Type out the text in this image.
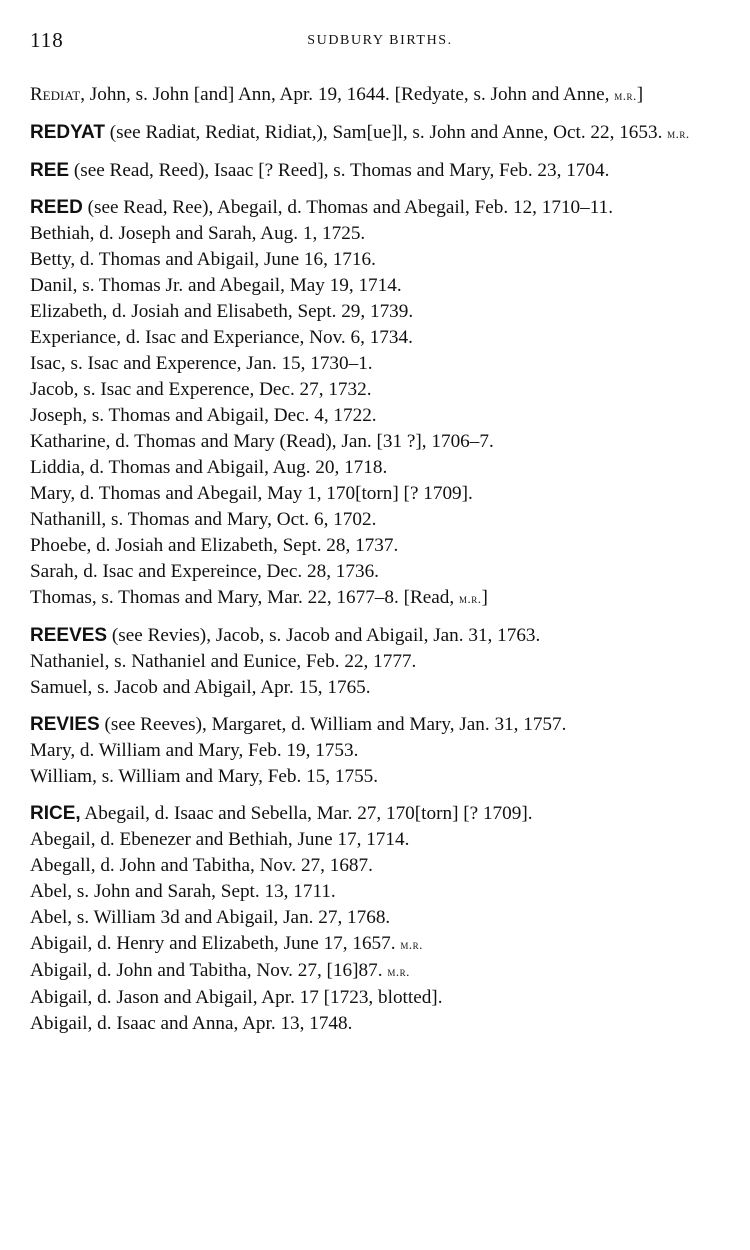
118	SUDBURY BIRTHS.
Rediat, John, s. John [and] Ann, Apr. 19, 1644. [Redyate, s. John and Anne, m.r.]
REDYAT (see Radiat, Rediat, Ridiat,), Sam[ue]l, s. John and Anne, Oct. 22, 1653. m.r.
REE (see Read, Reed), Isaac [? Reed], s. Thomas and Mary, Feb. 23, 1704.
REED (see Read, Ree), Abegail, d. Thomas and Abegail, Feb. 12, 1710–11.
Bethiah, d. Joseph and Sarah, Aug. 1, 1725.
Betty, d. Thomas and Abigail, June 16, 1716.
Danil, s. Thomas Jr. and Abegail, May 19, 1714.
Elizabeth, d. Josiah and Elisabeth, Sept. 29, 1739.
Experiance, d. Isac and Experiance, Nov. 6, 1734.
Isac, s. Isac and Experence, Jan. 15, 1730–1.
Jacob, s. Isac and Experence, Dec. 27, 1732.
Joseph, s. Thomas and Abigail, Dec. 4, 1722.
Katharine, d. Thomas and Mary (Read), Jan. [31 ?], 1706–7.
Liddia, d. Thomas and Abigail, Aug. 20, 1718.
Mary, d. Thomas and Abegail, May 1, 170[torn] [? 1709].
Nathanill, s. Thomas and Mary, Oct. 6, 1702.
Phoebe, d. Josiah and Elizabeth, Sept. 28, 1737.
Sarah, d. Isac and Expereince, Dec. 28, 1736.
Thomas, s. Thomas and Mary, Mar. 22, 1677–8. [Read, m.r.]
REEVES (see Revies), Jacob, s. Jacob and Abigail, Jan. 31, 1763.
Nathaniel, s. Nathaniel and Eunice, Feb. 22, 1777.
Samuel, s. Jacob and Abigail, Apr. 15, 1765.
REVIES (see Reeves), Margaret, d. William and Mary, Jan. 31, 1757.
Mary, d. William and Mary, Feb. 19, 1753.
William, s. William and Mary, Feb. 15, 1755.
RICE, Abegail, d. Isaac and Sebella, Mar. 27, 170[torn] [? 1709].
Abegail, d. Ebenezer and Bethiah, June 17, 1714.
Abegall, d. John and Tabitha, Nov. 27, 1687.
Abel, s. John and Sarah, Sept. 13, 1711.
Abel, s. William 3d and Abigail, Jan. 27, 1768.
Abigail, d. Henry and Elizabeth, June 17, 1657. m.r.
Abigail, d. John and Tabitha, Nov. 27, [16]87. m.r.
Abigail, d. Jason and Abigail, Apr. 17 [1723, blotted].
Abigail, d. Isaac and Anna, Apr. 13, 1748.
